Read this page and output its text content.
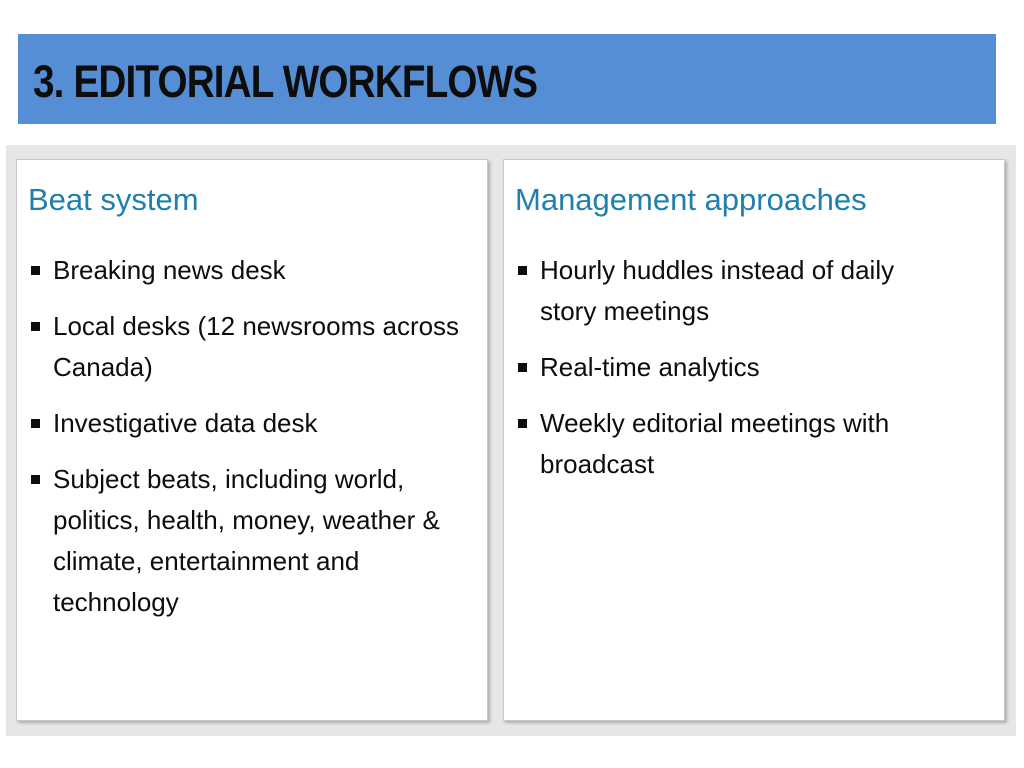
3. EDITORIAL WORKFLOWS
Beat system
Breaking news desk
Local desks (12 newsrooms across Canada)
Investigative data desk
Subject beats, including world, politics, health, money, weather & climate, entertainment and technology
Management approaches
Hourly huddles instead of daily story meetings
Real-time analytics
Weekly editorial meetings with broadcast
